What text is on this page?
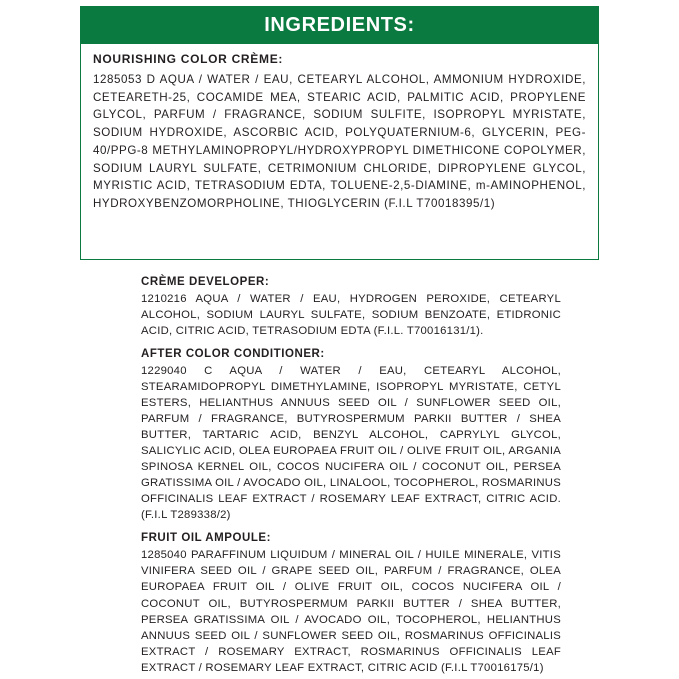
INGREDIENTS:
NOURISHING COLOR CRÈME:
1285053 D AQUA / WATER / EAU, CETEARYL ALCOHOL, AMMONIUM HYDROXIDE, CETEARETH-25, COCAMIDE MEA, STEARIC ACID, PALMITIC ACID, PROPYLENE GLYCOL, PARFUM / FRAGRANCE, SODIUM SULFITE, ISOPROPYL MYRISTATE, SODIUM HYDROXIDE, ASCORBIC ACID, POLYQUATERNIUM-6, GLYCERIN, PEG-40/PPG-8 METHYLAMINOPROPYL/HYDROXYPROPYL DIMETHICONE COPOLYMER, SODIUM LAURYL SULFATE, CETRIMONIUM CHLORIDE, DIPROPYLENE GLYCOL, MYRISTIC ACID, TETRASODIUM EDTA, TOLUENE-2,5-DIAMINE, m-AMINOPHENOL, HYDROXYBENZOMORPHOLINE, THIOGLYCERIN (F.I.L T70018395/1)
CRÈME DEVELOPER:
1210216 AQUA / WATER / EAU, HYDROGEN PEROXIDE, CETEARYL ALCOHOL, SODIUM LAURYL SULFATE, SODIUM BENZOATE, ETIDRONIC ACID, CITRIC ACID, TETRASODIUM EDTA (F.I.L. T70016131/1).
AFTER COLOR CONDITIONER:
1229040 C AQUA / WATER / EAU, CETEARYL ALCOHOL, STEARAMIDOPROPYL DIMETHYLAMINE, ISOPROPYL MYRISTATE, CETYL ESTERS, HELIANTHUS ANNUUS SEED OIL / SUNFLOWER SEED OIL, PARFUM / FRAGRANCE, BUTYROSPERMUM PARKII BUTTER / SHEA BUTTER, TARTARIC ACID, BENZYL ALCOHOL, CAPRYLYL GLYCOL, SALICYLIC ACID, OLEA EUROPAEA FRUIT OIL / OLIVE FRUIT OIL, ARGANIA SPINOSA KERNEL OIL, COCOS NUCIFERA OIL / COCONUT OIL, PERSEA GRATISSIMA OIL / AVOCADO OIL, LINALOOL, TOCOPHEROL, ROSMARINUS OFFICINALIS LEAF EXTRACT / ROSEMARY LEAF EXTRACT, CITRIC ACID. (F.I.L T289338/2)
FRUIT OIL AMPOULE:
1285040 PARAFFINUM LIQUIDUM / MINERAL OIL / HUILE MINERALE, VITIS VINIFERA SEED OIL / GRAPE SEED OIL, PARFUM / FRAGRANCE, OLEA EUROPAEA FRUIT OIL / OLIVE FRUIT OIL, COCOS NUCIFERA OIL / COCONUT OIL, BUTYROSPERMUM PARKII BUTTER / SHEA BUTTER, PERSEA GRATISSIMA OIL / AVOCADO OIL, TOCOPHEROL, HELIANTHUS ANNUUS SEED OIL / SUNFLOWER SEED OIL, ROSMARINUS OFFICINALIS EXTRACT / ROSEMARY EXTRACT, ROSMARINUS OFFICINALIS LEAF EXTRACT / ROSEMARY LEAF EXTRACT, CITRIC ACID (F.I.L T70016175/1)
